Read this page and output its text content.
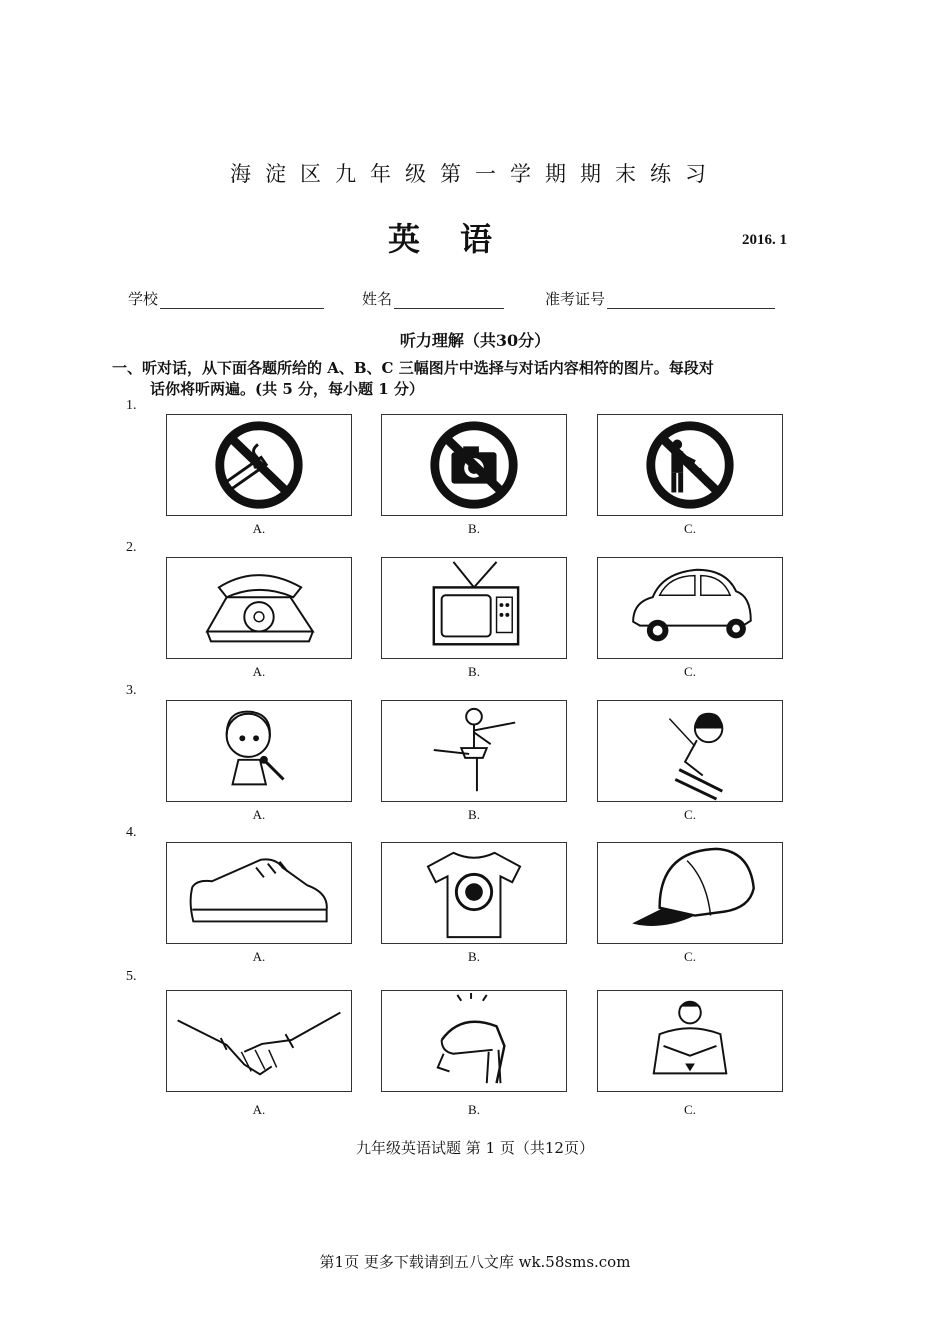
海淀区九年级第一学期期末练习
英语	2016. 1
学校	姓名	准考证号
听力理解（共30分）
一、听对话，从下面各题所给的 A、B、C 三幅图片中选择与对话内容相符的图片。每段对
话你将听两遍。(共 5 分，每小题 1 分）
1.
A.	B.	C.
2.
A.	B.	C.
3.
A.	B.	C.
4.
A.	B.	C.
5.
A.	B.	C.
九年级英语试题 第 1 页（共12页）
第1页 更多下载请到五八文库 wk.58sms.com
